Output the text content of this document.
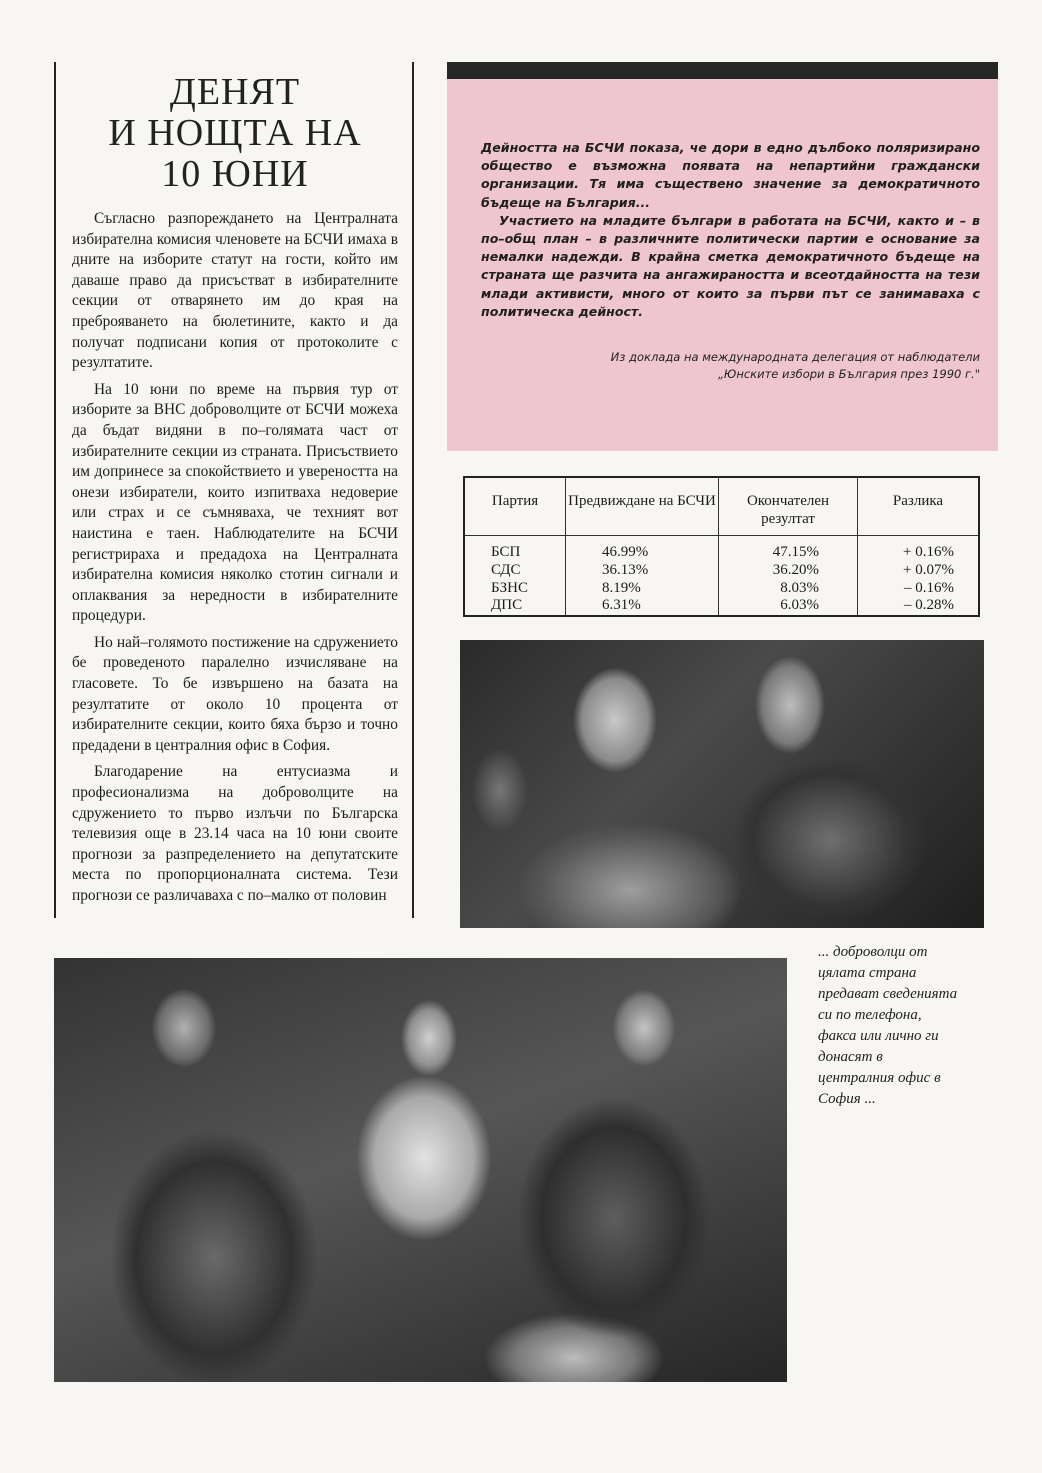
ДЕНЯТ
И НОЩТА НА
10 ЮНИ

Съгласно разпореждането на Централната избирателна комисия членовете на БСЧИ имаха в дните на изборите статут на гости, който им даваше право да присъстват в избирателните секции от отварянето им до края на преброяването на бюлетините, както и да получат подписани копия от протоколите с резултатите.

На 10 юни по време на първия тур от изборите за ВНС доброволците от БСЧИ можеха да бъдат видяни в по–голямата част от избирателните секции из страната. Присъствието им допринесе за спокойствието и увереността на онези избиратели, които изпитваха недоверие или страх и се съмняваха, че техният вот наистина е таен. Наблюдателите на БСЧИ регистрираха и предадоха на Централната избирателна комисия няколко стотин сигнали и оплаквания за нередности в избирателните процедури.

Но най–голямото постижение на сдружението бе проведеното паралелно изчисляване на гласовете. То бе извършено на базата на резултатите от около 10 процента от избирателните секции, които бяха бързо и точно предадени в централния офис в София.

Благодарение на ентусиазма и професионализма на доброволците на сдружението то първо излъчи по Българска телевизия още в 23.14 часа на 10 юни своите прогнози за разпределението на депутатските места по пропорционалната система. Тези прогнози се различаваха с по–малко от половин

Дейността на БСЧИ показа, че дори в едно дълбоко поляризирано общество е възможна появата на непартийни граждански организации. Тя има съществено значение за демократичното бъдеще на България...

Участието на младите българи в работата на БСЧИ, както и – в по–общ план – в различните политически партии е основание за немалки надежди. В крайна сметка демократичното бъдеще на страната ще разчита на ангажираността и всеотдайността на тези млади активисти, много от които за първи път се занимаваха с политическа дейност.

Из доклада на международната делегация от наблюдатели
„Юнските избори в България през 1990 г."
Партия	Предвиждане на БСЧИ	Окончателен резултат	Разлика
БСП	46.99%	47.15%	+ 0.16%
СДС	36.13%	36.20%	+ 0.07%
БЗНС	8.19%	8.03%	– 0.16%
ДПС	6.31%	6.03%	– 0.28%
... доброволци от
цялата страна
предават сведенията
си по телефона,
факса или лично ги
донасят в
централния офис в
София ...
